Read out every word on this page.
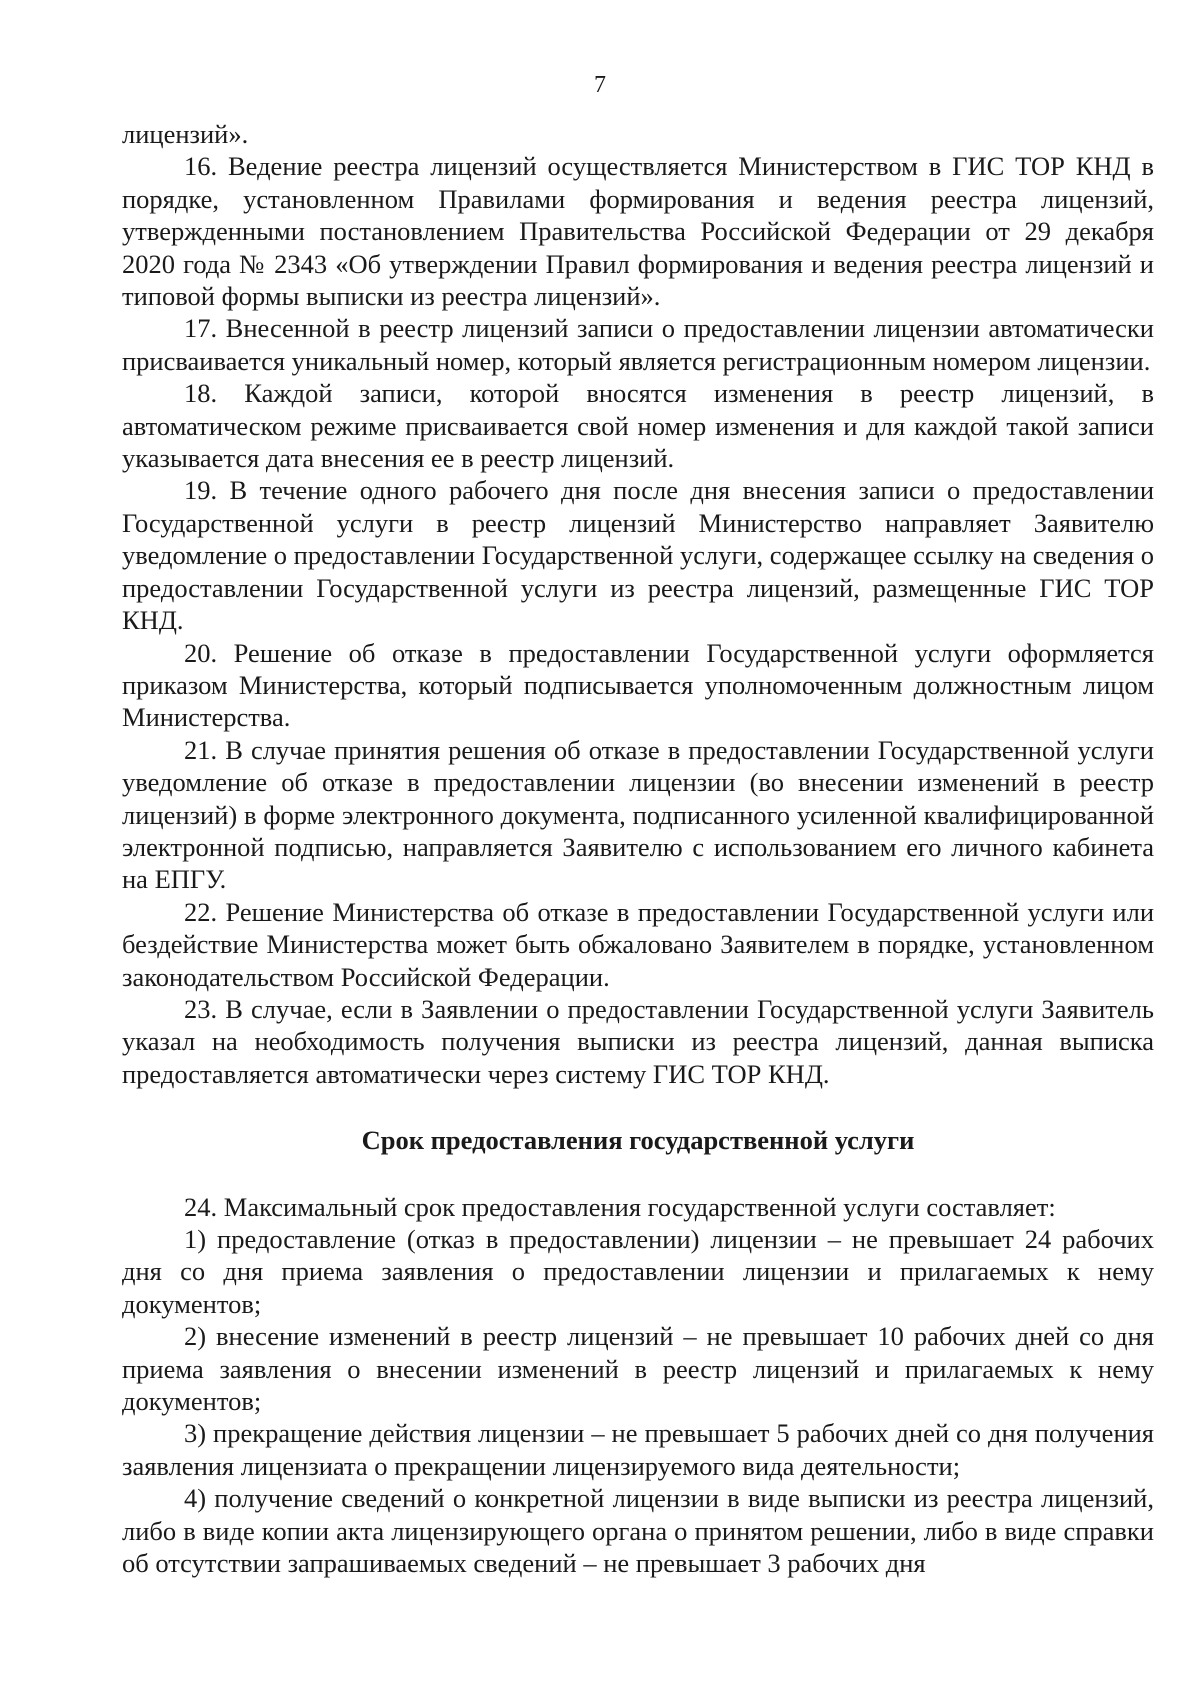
7

лицензий».

16. Ведение реестра лицензий осуществляется Министерством в ГИС ТОР КНД в порядке, установленном Правилами формирования и ведения реестра лицензий, утвержденными постановлением Правительства Российской Федерации от 29 декабря 2020 года № 2343 «Об утверждении Правил формирования и ведения реестра лицензий и типовой формы выписки из реестра лицензий».

17. Внесенной в реестр лицензий записи о предоставлении лицензии автоматически присваивается уникальный номер, который является регистрационным номером лицензии.

18. Каждой записи, которой вносятся изменения в реестр лицензий, в автоматическом режиме присваивается свой номер изменения и для каждой такой записи указывается дата внесения ее в реестр лицензий.

19. В течение одного рабочего дня после дня внесения записи о предоставлении Государственной услуги в реестр лицензий Министерство направляет Заявителю уведомление о предоставлении Государственной услуги, содержащее ссылку на сведения о предоставлении Государственной услуги из реестра лицензий, размещенные ГИС ТОР КНД.

20. Решение об отказе в предоставлении Государственной услуги оформляется приказом Министерства, который подписывается уполномоченным должностным лицом Министерства.

21. В случае принятия решения об отказе в предоставлении Государственной услуги уведомление об отказе в предоставлении лицензии (во внесении изменений в реестр лицензий) в форме электронного документа, подписанного усиленной квалифицированной электронной подписью, направляется Заявителю с использованием его личного кабинета на ЕПГУ.

22. Решение Министерства об отказе в предоставлении Государственной услуги или бездействие Министерства может быть обжаловано Заявителем в порядке, установленном законодательством Российской Федерации.

23. В случае, если в Заявлении о предоставлении Государственной услуги Заявитель указал на необходимость получения выписки из реестра лицензий, данная выписка предоставляется автоматически через систему ГИС ТОР КНД.

Срок предоставления государственной услуги

24. Максимальный срок предоставления государственной услуги составляет:

1) предоставление (отказ в предоставлении) лицензии – не превышает 24 рабочих дня со дня приема заявления о предоставлении лицензии и прилагаемых к нему документов;

2) внесение изменений в реестр лицензий – не превышает 10 рабочих дней со дня приема заявления о внесении изменений в реестр лицензий и прилагаемых к нему документов;

3) прекращение действия лицензии – не превышает 5 рабочих дней со дня получения заявления лицензиата о прекращении лицензируемого вида деятельности;

4) получение сведений о конкретной лицензии в виде выписки из реестра лицензий, либо в виде копии акта лицензирующего органа о принятом решении, либо в виде справки об отсутствии запрашиваемых сведений – не превышает 3 рабочих дня
